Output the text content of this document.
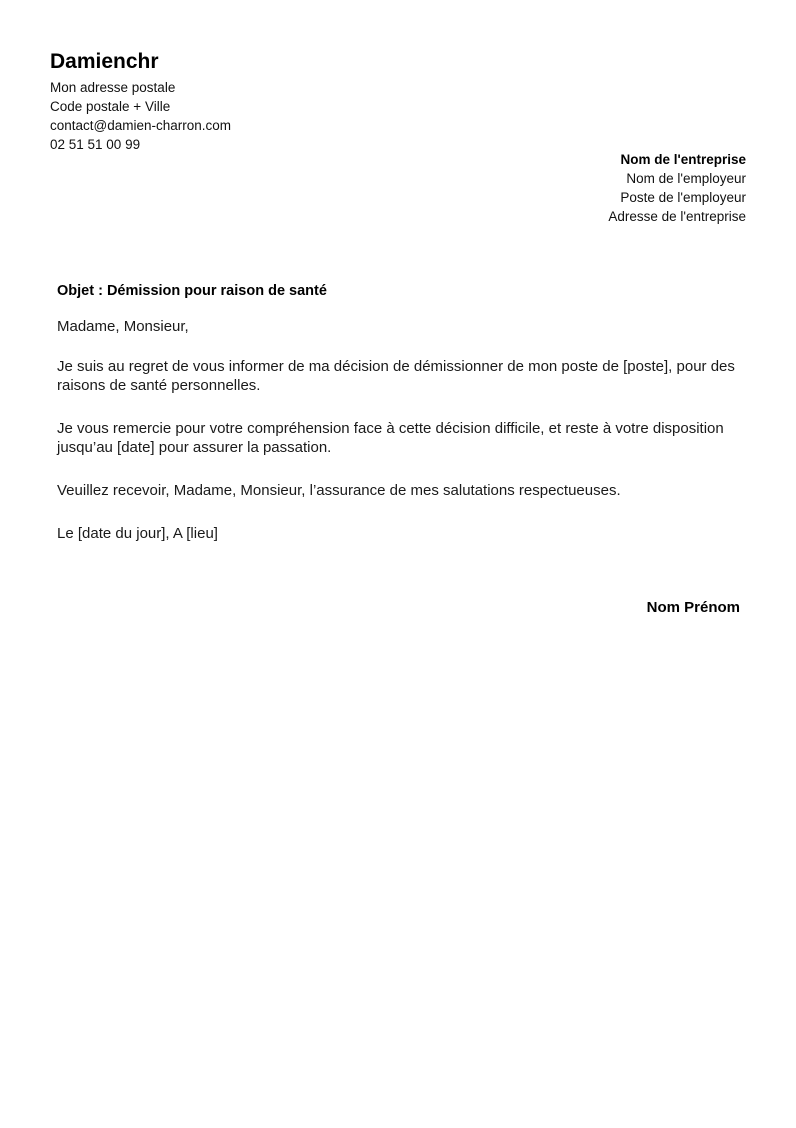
Damienchr
Mon adresse postale
Code postale + Ville
contact@damien-charron.com
02 51 51 00 99
Nom de l'entreprise
Nom de l'employeur
Poste de l'employeur
Adresse de l'entreprise
Objet : Démission pour raison de santé
Madame, Monsieur,
Je suis au regret de vous informer de ma décision de démissionner de mon poste de [poste], pour des raisons de santé personnelles.
Je vous remercie pour votre compréhension face à cette décision difficile, et reste à votre disposition jusqu’au [date] pour assurer la passation.
Veuillez recevoir, Madame, Monsieur, l’assurance de mes salutations respectueuses.
Le [date du jour], A [lieu]
Nom Prénom
